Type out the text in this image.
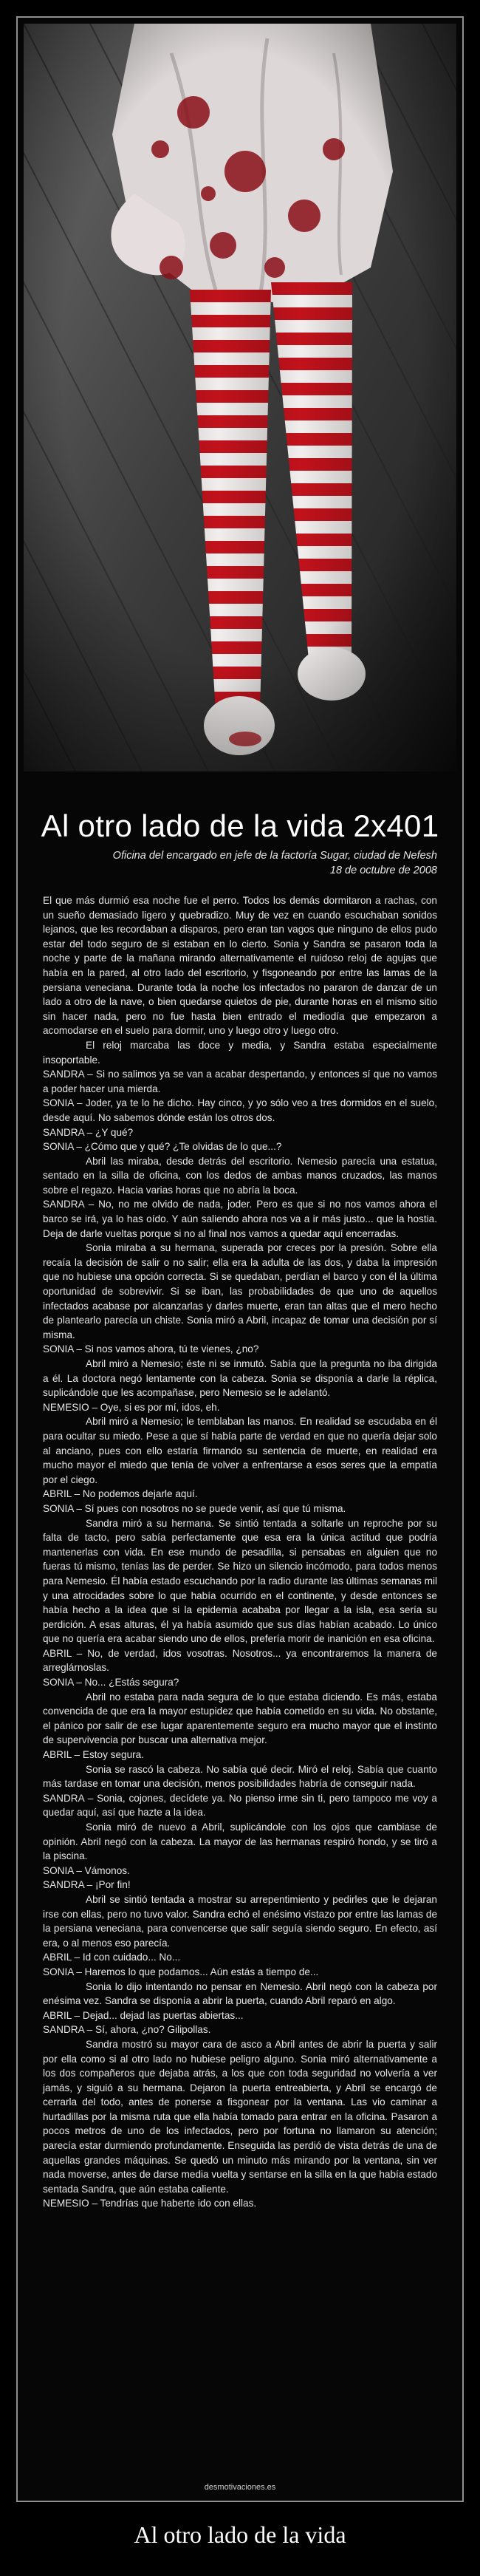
Al otro lado de la vida 2x401
Oficina del encargado en jefe de la factoría Sugar, ciudad de Nefesh
18 de octubre de 2008

El que más durmió esa noche fue el perro. Todos los demás dormitaron a rachas, con un sueño demasiado ligero y quebradizo. Muy de vez en cuando escuchaban sonidos lejanos, que les recordaban a disparos, pero eran tan vagos que ninguno de ellos pudo estar del todo seguro de si estaban en lo cierto. Sonia y Sandra se pasaron toda la noche y parte de la mañana mirando alternativamente el ruidoso reloj de agujas que había en la pared, al otro lado del escritorio, y fisgoneando por entre las lamas de la persiana veneciana. Durante toda la noche los infectados no pararon de danzar de un lado a otro de la nave, o bien quedarse quietos de pie, durante horas en el mismo sitio sin hacer nada, pero no fue hasta bien entrado el mediodía que empezaron a acomodarse en el suelo para dormir, uno y luego otro y luego otro.

El reloj marcaba las doce y media, y Sandra estaba especialmente insoportable.

SANDRA – Si no salimos ya se van a acabar despertando, y entonces sí que no vamos a poder hacer una mierda.

SONIA – Joder, ya te lo he dicho. Hay cinco, y yo sólo veo a tres dormidos en el suelo, desde aquí. No sabemos dónde están los otros dos.

SANDRA – ¿Y qué?

SONIA – ¿Cómo que y qué? ¿Te olvidas de lo que...?

Abril las miraba, desde detrás del escritorio. Nemesio parecía una estatua, sentado en la silla de oficina, con los dedos de ambas manos cruzados, las manos sobre el regazo. Hacia varias horas que no abría la boca.

SANDRA – No, no me olvido de nada, joder. Pero es que si no nos vamos ahora el barco se irá, ya lo has oído. Y aún saliendo ahora nos va a ir más justo... que la hostia. Deja de darle vueltas porque si no al final nos vamos a quedar aquí encerradas.

Sonia miraba a su hermana, superada por creces por la presión. Sobre ella recaía la decisión de salir o no salir; ella era la adulta de las dos, y daba la impresión que no hubiese una opción correcta. Si se quedaban, perdían el barco y con él la última oportunidad de sobrevivir. Si se iban, las probabilidades de que uno de aquellos infectados acabase por alcanzarlas y darles muerte, eran tan altas que el mero hecho de plantearlo parecía un chiste. Sonia miró a Abril, incapaz de tomar una decisión por sí misma.

SONIA – Si nos vamos ahora, tú te vienes, ¿no?

Abril miró a Nemesio; éste ni se inmutó. Sabía que la pregunta no iba dirigida a él. La doctora negó lentamente con la cabeza. Sonia se disponía a darle la réplica, suplicándole que les acompañase, pero Nemesio se le adelantó.

NEMESIO – Oye, si es por mí, idos, eh.

Abril miró a Nemesio; le temblaban las manos. En realidad se escudaba en él para ocultar su miedo. Pese a que sí había parte de verdad en que no quería dejar solo al anciano, pues con ello estaría firmando su sentencia de muerte, en realidad era mucho mayor el miedo que tenía de volver a enfrentarse a esos seres que la empatía por el ciego.

ABRIL – No podemos dejarle aquí.

SONIA – Sí pues con nosotros no se puede venir, así que tú misma.

Sandra miró a su hermana. Se sintió tentada a soltarle un reproche por su falta de tacto, pero sabía perfectamente que esa era la única actitud que podría mantenerlas con vida. En ese mundo de pesadilla, si pensabas en alguien que no fueras tú mismo, tenías las de perder. Se hizo un silencio incómodo, para todos menos para Nemesio. Él había estado escuchando por la radio durante las últimas semanas mil y una atrocidades sobre lo que había ocurrido en el continente, y desde entonces se había hecho a la idea que si la epidemia acababa por llegar a la isla, esa sería su perdición. A esas alturas, él ya había asumido que sus días habían acabado. Lo único que no quería era acabar siendo uno de ellos, prefería morir de inanición en esa oficina.

ABRIL – No, de verdad, idos vosotras. Nosotros... ya encontraremos la manera de arreglárnoslas.

SONIA – No... ¿Estás segura?

Abril no estaba para nada segura de lo que estaba diciendo. Es más, estaba convencida de que era la mayor estupidez que había cometido en su vida. No obstante, el pánico por salir de ese lugar aparentemente seguro era mucho mayor que el instinto de supervivencia por buscar una alternativa mejor.

ABRIL – Estoy segura.

Sonia se rascó la cabeza. No sabía qué decir. Miró el reloj. Sabía que cuanto más tardase en tomar una decisión, menos posibilidades habría de conseguir nada.

SANDRA – Sonia, cojones, decídete ya. No pienso irme sin ti, pero tampoco me voy a quedar aquí, así que hazte a la idea.

Sonia miró de nuevo a Abril, suplicándole con los ojos que cambiase de opinión. Abril negó con la cabeza. La mayor de las hermanas respiró hondo, y se tiró a la piscina.

SONIA – Vámonos.

SANDRA – ¡Por fin!

Abril se sintió tentada a mostrar su arrepentimiento y pedirles que le dejaran irse con ellas, pero no tuvo valor. Sandra echó el enésimo vistazo por entre las lamas de la persiana veneciana, para convencerse que salir seguía siendo seguro. En efecto, así era, o al menos eso parecía.

ABRIL – Id con cuidado... No...

SONIA – Haremos lo que podamos... Aún estás a tiempo de...

Sonia lo dijo intentando no pensar en Nemesio. Abril negó con la cabeza por enésima vez. Sandra se disponía a abrir la puerta, cuando Abril reparó en algo.

ABRIL – Dejad... dejad las puertas abiertas...

SANDRA – Sí, ahora, ¿no? Gilipollas.

Sandra mostró su mayor cara de asco a Abril antes de abrir la puerta y salir por ella como si al otro lado no hubiese peligro alguno. Sonia miró alternativamente a los dos compañeros que dejaba atrás, a los que con toda seguridad no volvería a ver jamás, y siguió a su hermana. Dejaron la puerta entreabierta, y Abril se encargó de cerrarla del todo, antes de ponerse a fisgonear por la ventana. Las vio caminar a hurtadillas por la misma ruta que ella había tomado para entrar en la oficina. Pasaron a pocos metros de uno de los infectados, pero por fortuna no llamaron su atención; parecía estar durmiendo profundamente. Enseguida las perdió de vista detrás de una de aquellas grandes máquinas. Se quedó un minuto más mirando por la ventana, sin ver nada moverse, antes de darse media vuelta y sentarse en la silla en la que había estado sentada Sandra, que aún estaba caliente.

NEMESIO – Tendrías que haberte ido con ellas.

desmotivaciones.es
Al otro lado de la vida
